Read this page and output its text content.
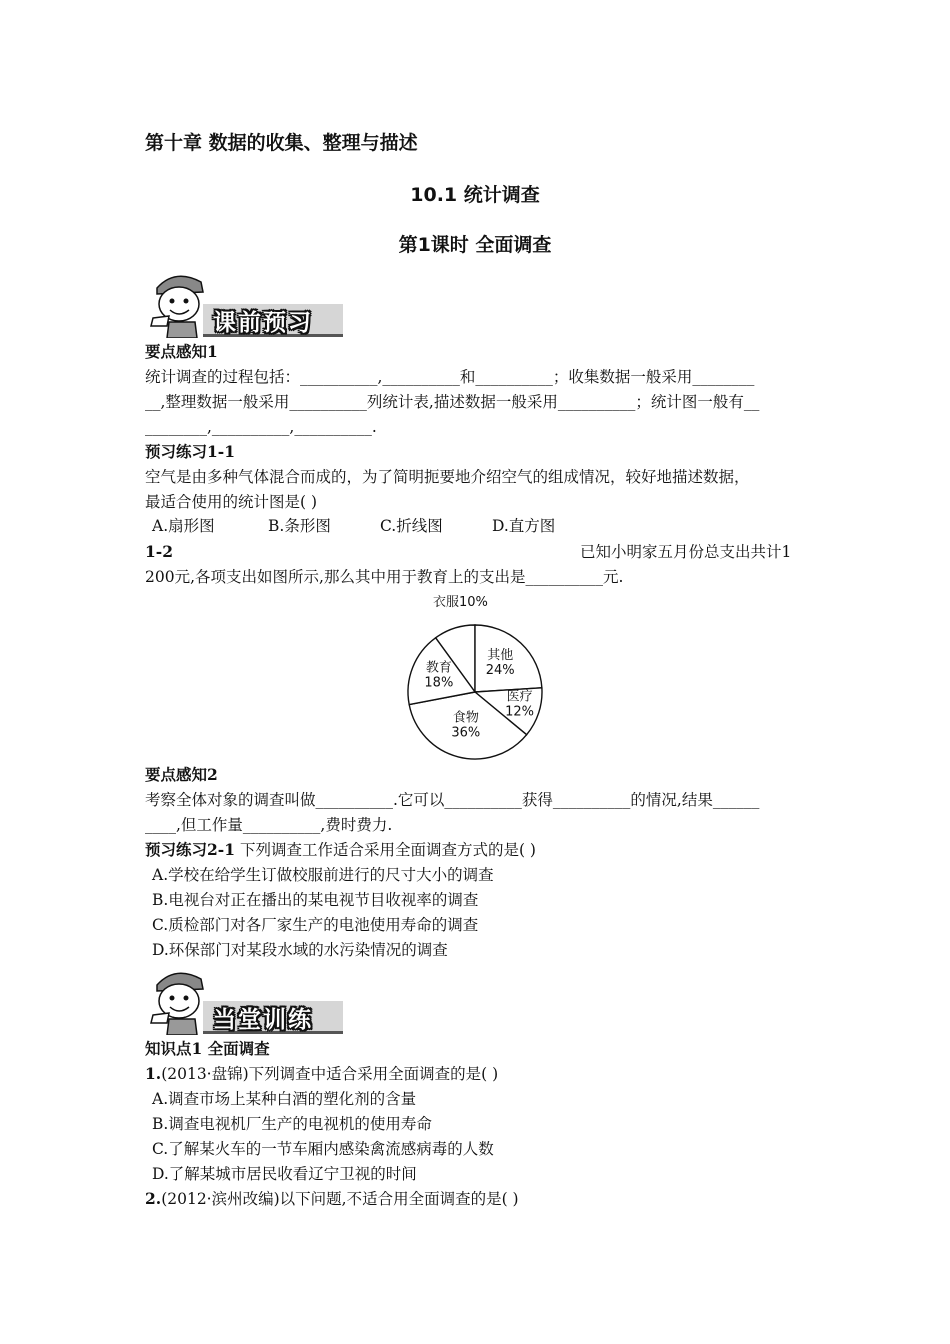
第十章 数据的收集、整理与描述
10.1 统计调查
第1课时 全面调查
课前预习
要点感知1
统计调查的过程包括：__________,__________和__________；收集数据一般采用________
__,整理数据一般采用__________列统计表,描述数据一般采用__________；统计图一般有__
________,__________,__________.
预习练习1-1
空气是由多种气体混合而成的，为了简明扼要地介绍空气的组成情况，较好地描述数据，
最适合使用的统计图是( )
A.扇形图	B.条形图	C.折线图	D.直方图
1-2	已知小明家五月份总支出共计1
200元,各项支出如图所示,那么其中用于教育上的支出是__________元.
衣服10%
其他
24%
医疗
12%
食物
36%
教育
18%
要点感知2
考察全体对象的调查叫做__________.它可以__________获得__________的情况,结果______
____,但工作量__________,费时费力.
预习练习2-1 下列调查工作适合采用全面调查方式的是( )
A.学校在给学生订做校服前进行的尺寸大小的调查
B.电视台对正在播出的某电视节目收视率的调查
C.质检部门对各厂家生产的电池使用寿命的调查
D.环保部门对某段水域的水污染情况的调查
当堂训练
知识点1 全面调查
1.(2013·盘锦)下列调查中适合采用全面调查的是( )
A.调查市场上某种白酒的塑化剂的含量
B.调查电视机厂生产的电视机的使用寿命
C.了解某火车的一节车厢内感染禽流感病毒的人数
D.了解某城市居民收看辽宁卫视的时间
2.(2012·滨州改编)以下问题,不适合用全面调查的是( )
